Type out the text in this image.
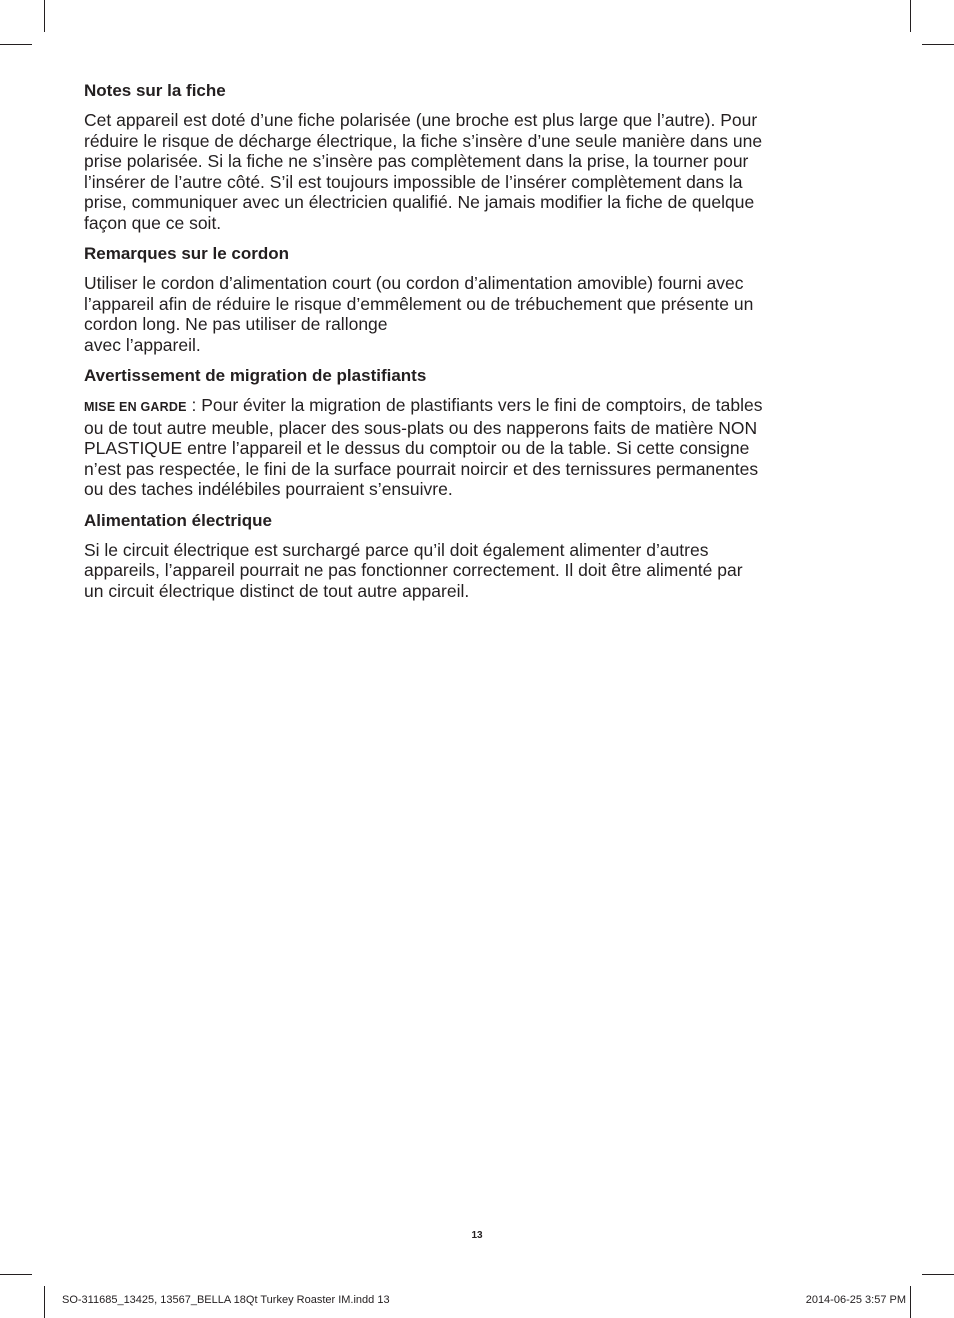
Notes sur la fiche
Cet appareil est doté d’une fiche polarisée (une broche est plus large que l’autre). Pour
réduire le risque de décharge électrique, la fiche s’insère d’une seule manière dans une
prise polarisée. Si la fiche ne s’insère pas complètement dans la prise, la tourner pour
l’insérer de l’autre côté. S’il est toujours impossible de l’insérer complètement dans la
prise, communiquer avec un électricien qualifié. Ne jamais modifier la fiche de quelque
façon que ce soit.
Remarques sur le cordon
Utiliser le cordon d’alimentation court (ou cordon d’alimentation amovible) fourni avec
l’appareil afin de réduire le risque d’emmêlement ou de trébuchement que présente un
cordon long. Ne pas utiliser de rallonge
avec l’appareil.
Avertissement de migration de plastifiants
MISE EN GARDE : Pour éviter la migration de plastifiants vers le fini de comptoirs, de tables
ou de tout autre meuble, placer des sous-plats ou des napperons faits de matière NON
PLASTIQUE entre l’appareil et le dessus du comptoir ou de la table. Si cette consigne
n’est pas respectée, le fini de la surface pourrait noircir et des ternissures permanentes
ou des taches indélébiles pourraient s’ensuivre.
Alimentation électrique
Si le circuit électrique est surchargé parce qu’il doit également alimenter d’autres
appareils, l’appareil pourrait ne pas fonctionner correctement. Il doit être alimenté par
un circuit électrique distinct de tout autre appareil.
13
SO-311685_13425, 13567_BELLA 18Qt Turkey Roaster IM.indd 13	2014-06-25 3:57 PM
